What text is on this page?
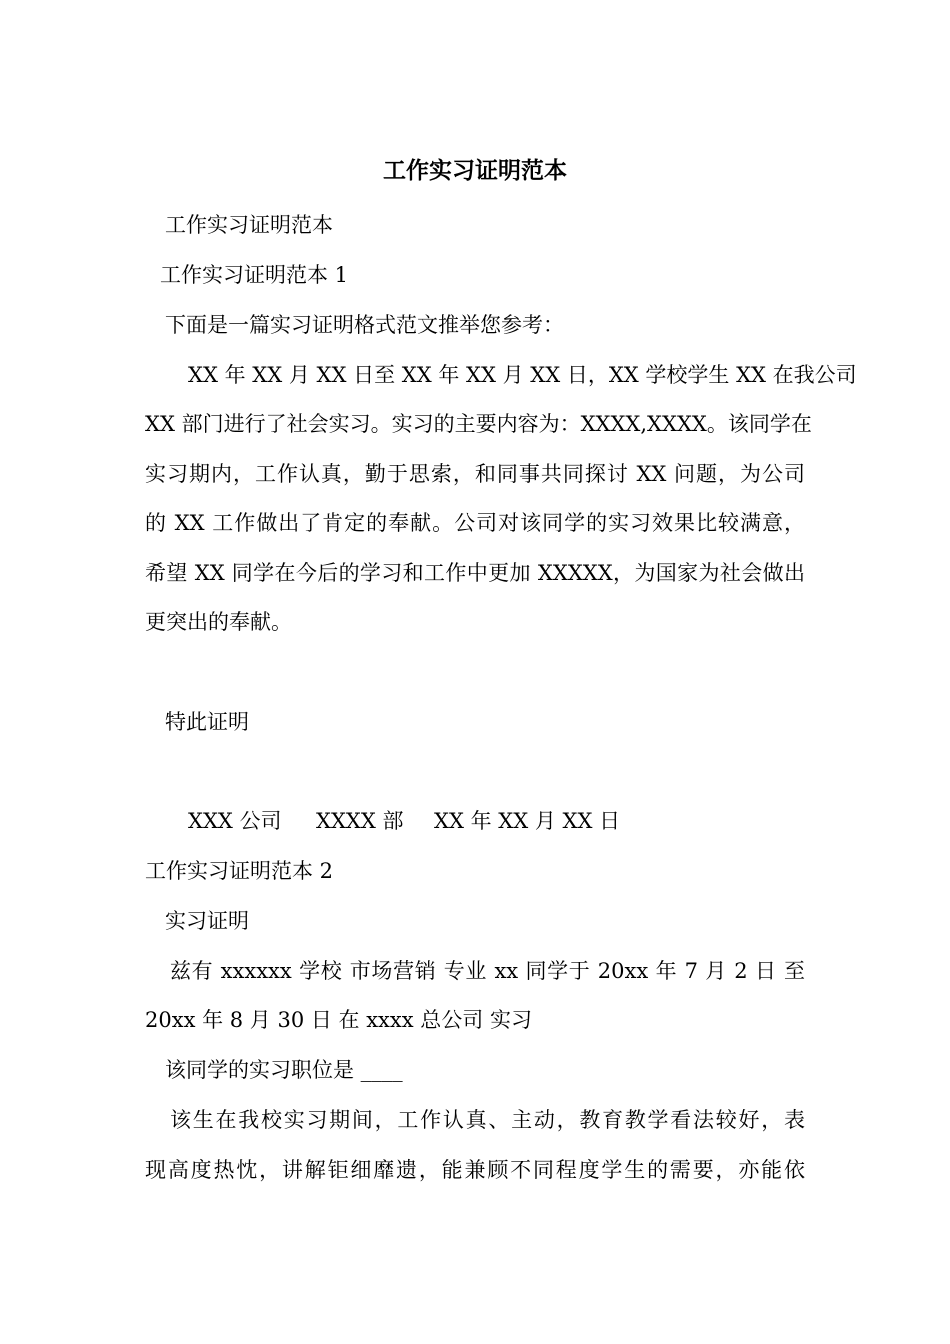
工作实习证明范本
工作实习证明范本
工作实习证明范本 1
下面是一篇实习证明格式范文推举您参考：
XX 年 XX 月 XX 日至 XX 年 XX 月 XX 日，XX 学校学生 XX 在我公司
XX 部门进行了社会实习。实习的主要内容为：XXXX,XXXX。该同学在
实习期内，工作认真，勤于思索，和同事共同探讨 XX 问题，为公司
的 XX 工作做出了肯定的奉献。公司对该同学的实习效果比较满意，
希望 XX 同学在今后的学习和工作中更加 XXXXX，为国家为社会做出
更突出的奉献。
特此证明
XXX 公司 XXXX 部 XX 年 XX 月 XX 日
工作实习证明范本 2
实习证明
兹有 xxxxxx 学校 市场营销 专业 xx 同学于 20xx 年 7 月 2 日 至
20xx 年 8 月 30 日 在 xxxx 总公司 实习
该同学的实习职位是 ____
该生在我校实习期间，工作认真、主动，教育教学看法较好，表
现高度热忱，讲解钜细靡遗，能兼顾不同程度学生的需要，亦能依
